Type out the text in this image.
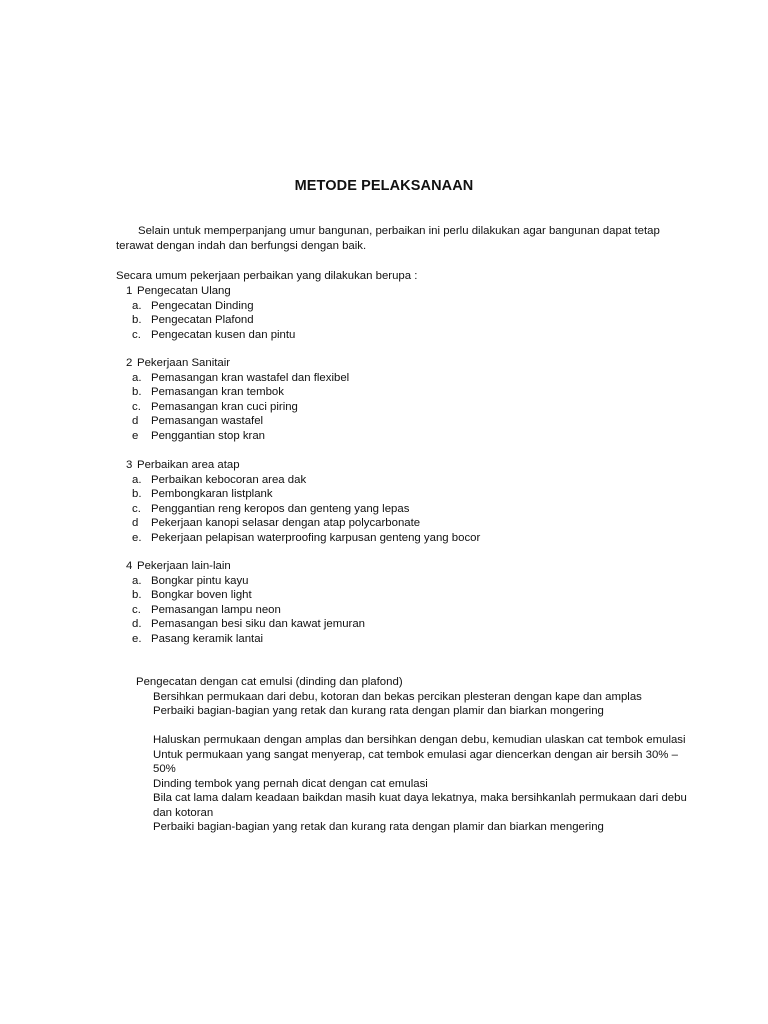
METODE PELAKSANAAN
Selain untuk memperpanjang umur bangunan, perbaikan ini perlu dilakukan agar bangunan dapat tetap
terawat dengan indah dan berfungsi dengan baik.
Secara umum pekerjaan perbaikan yang dilakukan berupa :
1 Pengecatan Ulang
a. Pengecatan Dinding
b. Pengecatan Plafond
c. Pengecatan kusen dan pintu
2 Pekerjaan Sanitair
a. Pemasangan kran wastafel dan flexibel
b. Pemasangan kran tembok
c. Pemasangan kran cuci piring
d	Pemasangan wastafel
e	Penggantian stop kran
3 Perbaikan area atap
a. Perbaikan kebocoran area dak
b. Pembongkaran listplank
c. Penggantian reng keropos dan genteng yang lepas
d	Pekerjaan kanopi selasar dengan atap polycarbonate
e. Pekerjaan pelapisan waterproofing karpusan genteng yang bocor
4 Pekerjaan lain-lain
a. Bongkar pintu kayu
b. Bongkar boven light
c. Pemasangan lampu neon
d. Pemasangan besi siku dan kawat jemuran
e. Pasang keramik lantai
Pengecatan dengan cat emulsi (dinding dan plafond)
Bersihkan permukaan dari debu, kotoran dan bekas percikan plesteran dengan kape dan amplas
Perbaiki bagian-bagian yang retak dan kurang rata dengan plamir dan biarkan mongering
Haluskan permukaan dengan amplas dan bersihkan dengan debu, kemudian ulaskan cat tembok emulasi
Untuk permukaan yang sangat menyerap, cat tembok emulasi agar diencerkan dengan air bersih 30% –
50%
Dinding tembok yang pernah dicat dengan cat emulasi
Bila cat lama dalam keadaan baikdan masih kuat daya lekatnya, maka bersihkanlah permukaan dari debu
dan kotoran
Perbaiki bagian-bagian yang retak dan kurang rata dengan plamir dan biarkan mengering
